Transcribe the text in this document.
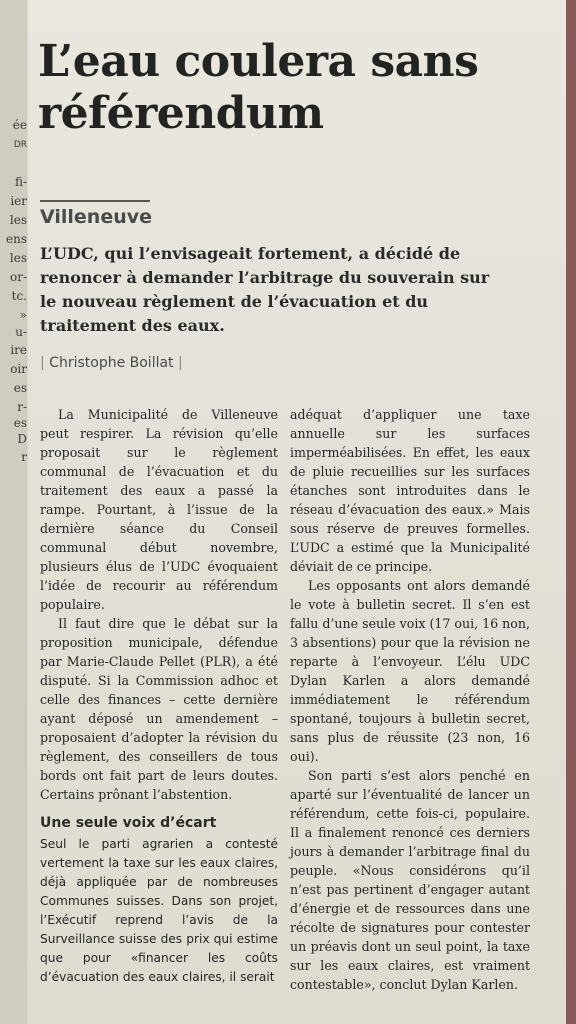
ée
DR
fi-
ier
les
ens
les
or-
tc.
»
u-
ire
oir
es
r-
es
D
r
L’eau coulera sans référendum
Villeneuve

L’UDC, qui l’envisageait fortement, a décidé de renoncer à demander l’arbitrage du souverain sur le nouveau règlement de l’évacuation et du traitement des eaux.

| Christophe Boillat |

La Municipalité de Villeneuve peut respirer. La révision qu’elle proposait sur le règlement communal de l’évacuation et du traitement des eaux a passé la rampe. Pourtant, à l’issue de la dernière séance du Conseil communal début novembre, plusieurs élus de l’UDC évoquaient l’idée de recourir au référendum populaire.

Il faut dire que le débat sur la proposition municipale, défendue par Marie-Claude Pellet (PLR), a été disputé. Si la Commission adhoc et celle des finances – cette dernière ayant déposé un amendement – proposaient d’adopter la révision du règlement, des conseillers de tous bords ont fait part de leurs doutes. Certains prônant l’abstention.

Une seule voix d’écart

Seul le parti agrarien a contesté vertement la taxe sur les eaux claires, déjà appliquée par de nombreuses Communes suisses. Dans son projet, l’Exécutif reprend l’avis de la Surveillance suisse des prix qui estime que pour «financer les coûts d’évacuation des eaux claires, il serait

adéquat d’appliquer une taxe annuelle sur les surfaces imperméabilisées. En effet, les eaux de pluie recueillies sur les surfaces étanches sont introduites dans le réseau d’évacuation des eaux.» Mais sous réserve de preuves formelles. L’UDC a estimé que la Municipalité déviait de ce principe.

Les opposants ont alors demandé le vote à bulletin secret. Il s’en est fallu d’une seule voix (17 oui, 16 non, 3 absentions) pour que la révision ne reparte à l’envoyeur. L’élu UDC Dylan Karlen a alors demandé immédiatement le référendum spontané, toujours à bulletin secret, sans plus de réussite (23 non, 16 oui).

Son parti s’est alors penché en aparté sur l’éventualité de lancer un référendum, cette fois-ci, populaire. Il a finalement renoncé ces derniers jours à demander l’arbitrage final du peuple. «Nous considérons qu’il n’est pas pertinent d’engager autant d’énergie et de ressources dans une récolte de signatures pour contester un préavis dont un seul point, la taxe sur les eaux claires, est vraiment contestable», conclut Dylan Karlen.
